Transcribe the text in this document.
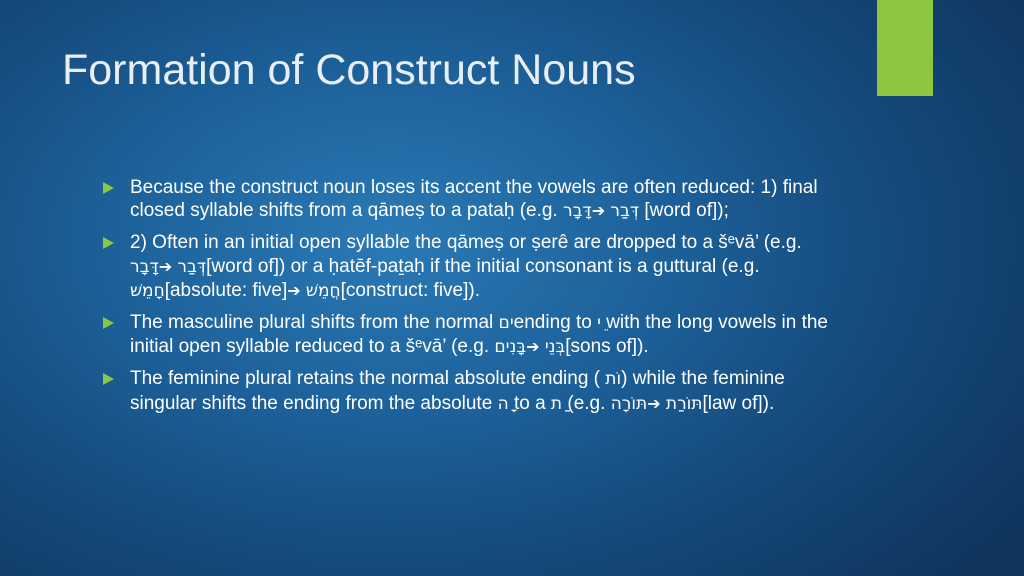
Formation of Construct Nouns
Because the construct noun loses its accent the vowels are often reduced: 1) final closed syllable shifts from a qāmeṣ to a pataḥ (e.g. דָּבָר➔ דְּבַר [word of]);
2) Often in an initial open syllable the qāmeṣ or ṣerê are dropped to a šᵉvā’ (e.g. דָּבָר➔ דְּבַר[word of]) or a ḥatēf-paṯaḥ if the initial consonant is a guttural (e.g. חָמֵשׁ[absolute: five]➔ חֲמֵשׁ[construct: five]).
The masculine plural shifts from the normal יםending to ֵי with the long vowels in the initial open syllable reduced to a šᵉvā’ (e.g. בָּנִים➔ בְּנֵי[sons of]).
The feminine plural retains the normal absolute ending ( וֹת) while the feminine singular shifts the ending from the absolute ָה to a ַת (e.g. תּוֹרָה➔ תּוֹרַת[law of]).
